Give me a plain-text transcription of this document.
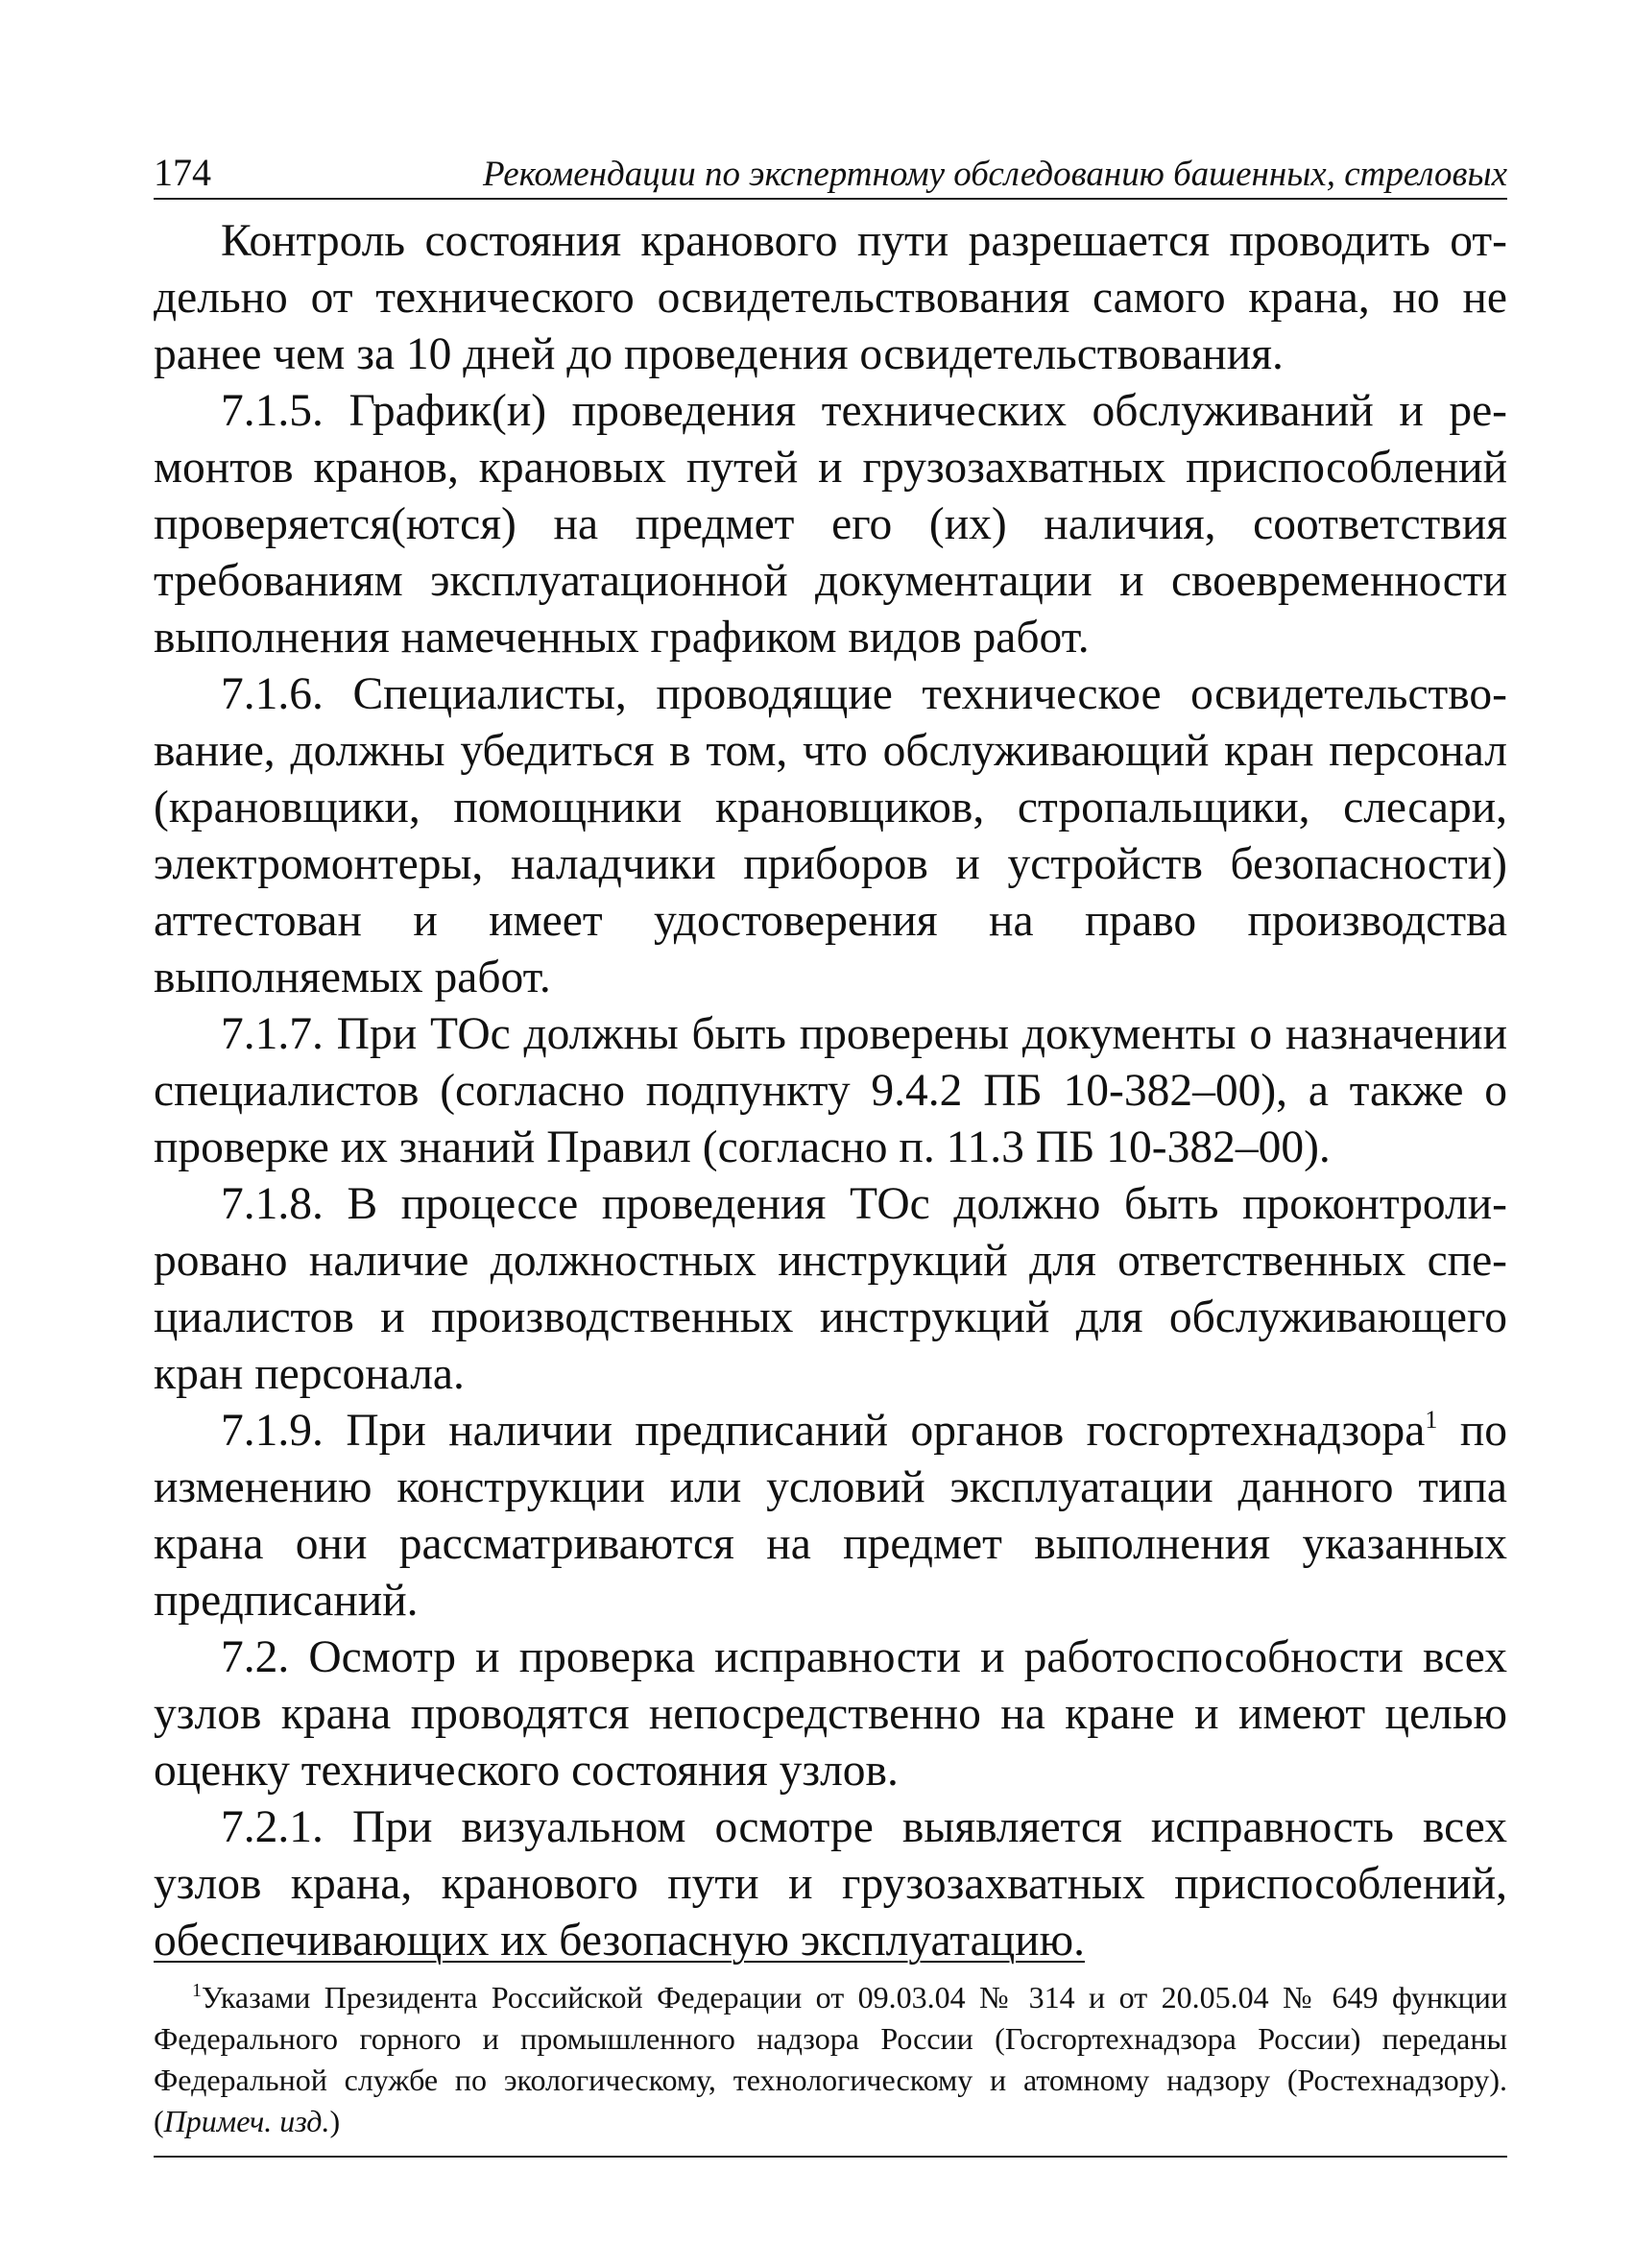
174	Рекомендации по экспертному обследованию башенных, стреловых

Контроль состояния кранового пути разрешается проводить отдельно от технического освидетельствования самого крана, но не ранее чем за 10 дней до проведения освидетельствования.

7.1.5. График(и) проведения технических обслуживаний и ремонтов кранов, крановых путей и грузозахватных приспособлений проверяется(ются) на предмет его (их) наличия, соответствия требованиям эксплуатационной документации и своевременности выполнения намеченных графиком видов работ.

7.1.6. Специалисты, проводящие техническое освидетельствование, должны убедиться в том, что обслуживающий кран персонал (крановщики, помощники крановщиков, стропальщики, слесари, электромонтеры, наладчики приборов и устройств безопасности) аттестован и имеет удостоверения на право производства выполняемых работ.

7.1.7. При ТОс должны быть проверены документы о назначении специалистов (согласно подпункту 9.4.2 ПБ 10-382–00), а также о проверке их знаний Правил (согласно п. 11.3 ПБ 10-382–00).

7.1.8. В процессе проведения ТОс должно быть проконтролировано наличие должностных инструкций для ответственных специалистов и производственных инструкций для обслуживающего кран персонала.

7.1.9. При наличии предписаний органов госгортехнадзора$^1$ по изменению конструкции или условий эксплуатации данного типа крана они рассматриваются на предмет выполнения указанных предписаний.

7.2. Осмотр и проверка исправности и работоспособности всех узлов крана проводятся непосредственно на кране и имеют целью оценку технического состояния узлов.

7.2.1. При визуальном осмотре выявляется исправность всех узлов крана, кранового пути и грузозахватных приспособлений, обеспечивающих их безопасную эксплуатацию.

$^1$Указами Президента Российской Федерации от 09.03.04 № 314 и от 20.05.04 № 649 функции Федерального горного и промышленного надзора России (Госгортехнадзора России) переданы Федеральной службе по экологическому, технологическому и атомному надзору (Ростехнадзору). (Примеч. изд.)
